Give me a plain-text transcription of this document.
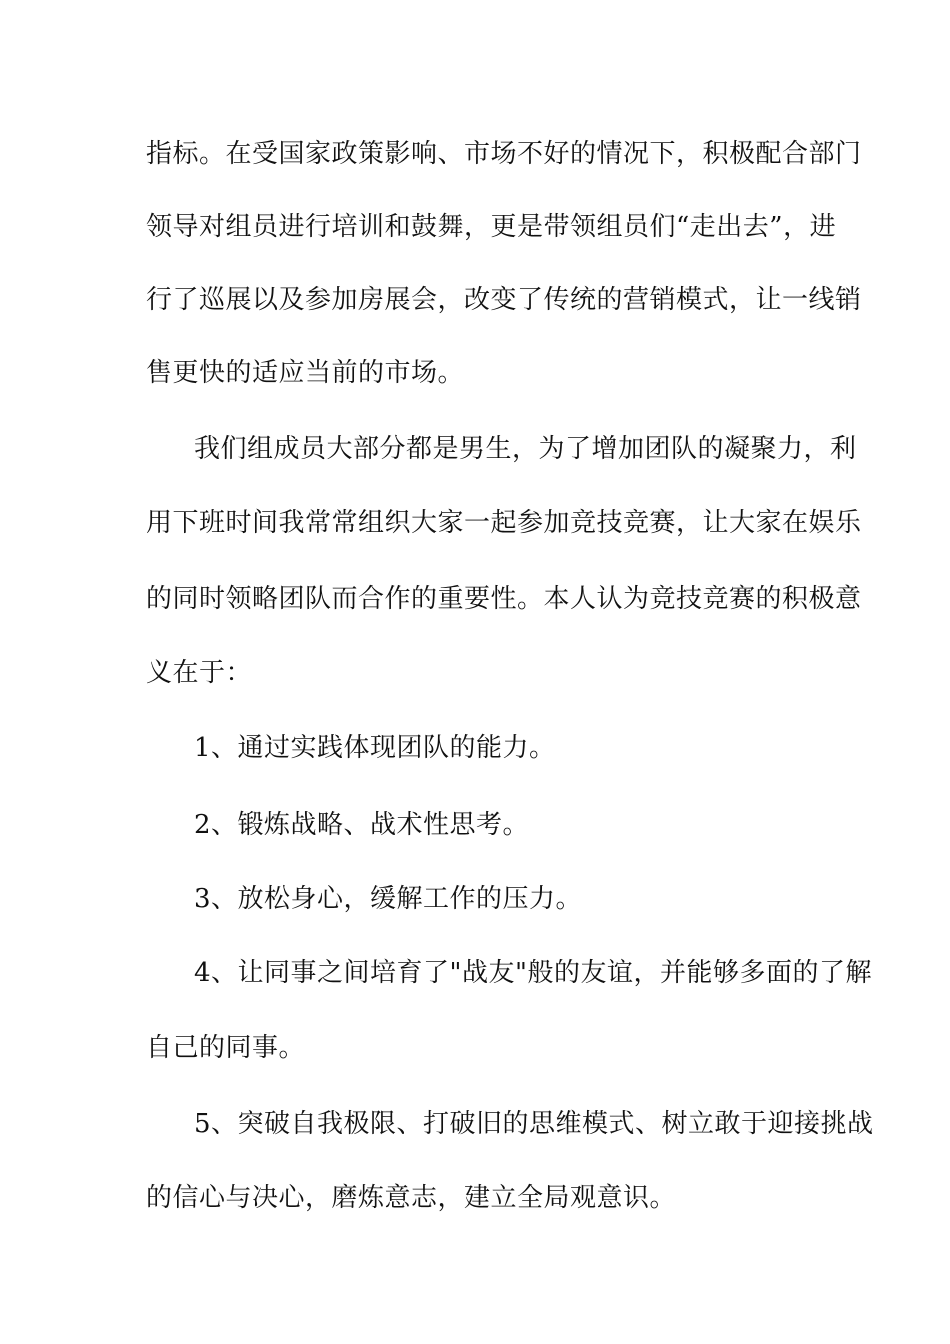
指标。在受国家政策影响、市场不好的情况下，积极配合部门

领导对组员进行培训和鼓舞，更是带领组员们“走出去”，进

行了巡展以及参加房展会，改变了传统的营销模式，让一线销

售更快的适应当前的市场。

我们组成员大部分都是男生，为了增加团队的凝聚力，利

用下班时间我常常组织大家一起参加竞技竞赛，让大家在娱乐

的同时领略团队而合作的重要性。本人认为竞技竞赛的积极意

义在于：

1、通过实践体现团队的能力。

2、锻炼战略、战术性思考。

3、放松身心，缓解工作的压力。

4、让同事之间培育了"战友"般的友谊，并能够多面的了解

自己的同事。

5、突破自我极限、打破旧的思维模式、树立敢于迎接挑战

的信心与决心，磨炼意志，建立全局观意识。
